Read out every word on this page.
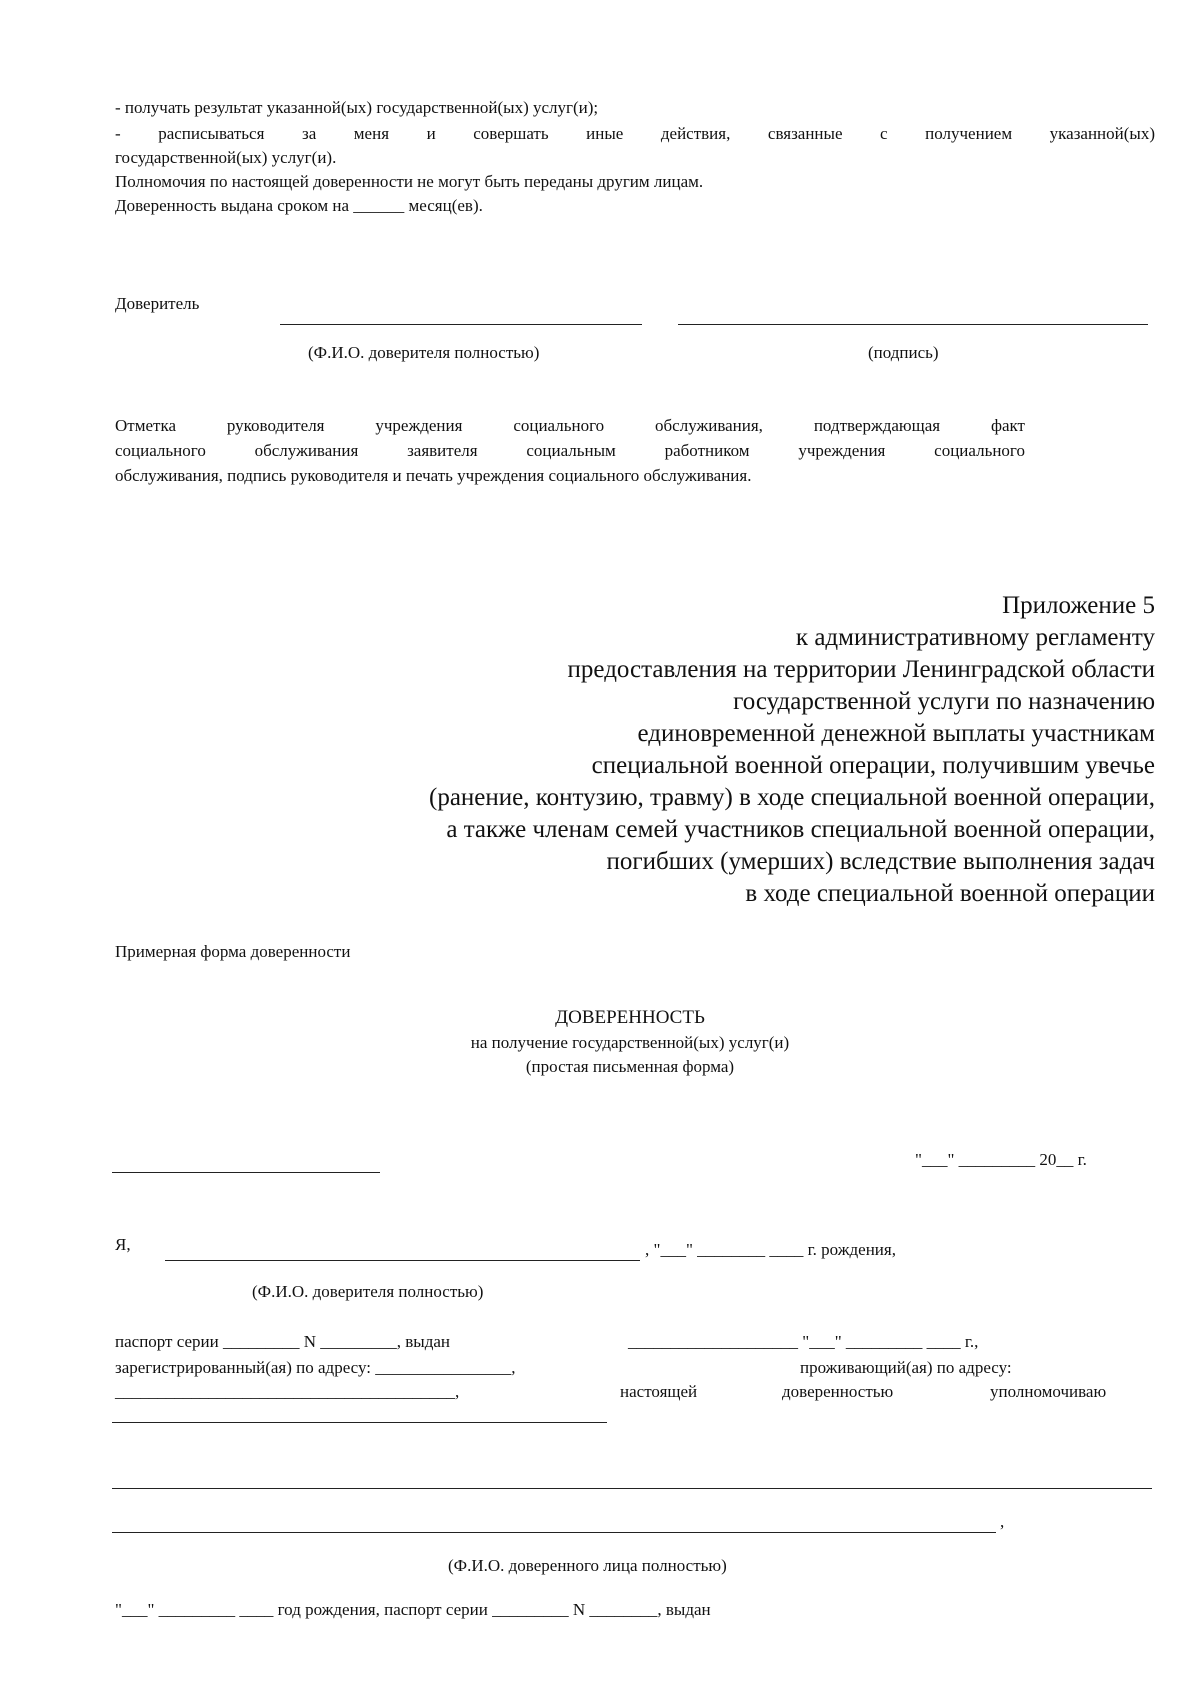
- получать результат указанной(ых) государственной(ых) услуг(и);
- расписываться за меня и совершать иные действия, связанные с получением указанной(ых)
государственной(ых) услуг(и).
Полномочия по настоящей доверенности не могут быть переданы другим лицам.
Доверенность выдана сроком на ______ месяц(ев).
Доверитель
(Ф.И.О. доверителя полностью)	(подпись)
Отметка руководителя учреждения социального обслуживания, подтверждающая факт
социального обслуживания заявителя социальным работником учреждения социального
обслуживания, подпись руководителя и печать учреждения социального обслуживания.
Приложение 5
к административному регламенту
предоставления на территории Ленинградской области
государственной услуги по назначению
единовременной денежной выплаты участникам
специальной военной операции, получившим увечье
(ранение, контузию, травму) в ходе специальной военной операции,
а также членам семей участников специальной военной операции,
погибших (умерших) вследствие выполнения задач
в ходе специальной военной операции
Примерная форма доверенности
ДОВЕРЕННОСТЬ
на получение государственной(ых) услуг(и)
(простая письменная форма)
"___" _________ 20__ г.
Я,	, "___" ________ ____ г. рождения,
(Ф.И.О. доверителя полностью)
паспорт серии _________ N _________, выдан	____________________ "___" _________ ____ г.,
зарегистрированный(ая) по адресу: ________________,	проживающий(ая) по адресу:
________________________________________,	настоящей	доверенностью	уполномочиваю
,
(Ф.И.О. доверенного лица полностью)
"___" _________ ____ год рождения, паспорт серии _________ N ________, выдан
